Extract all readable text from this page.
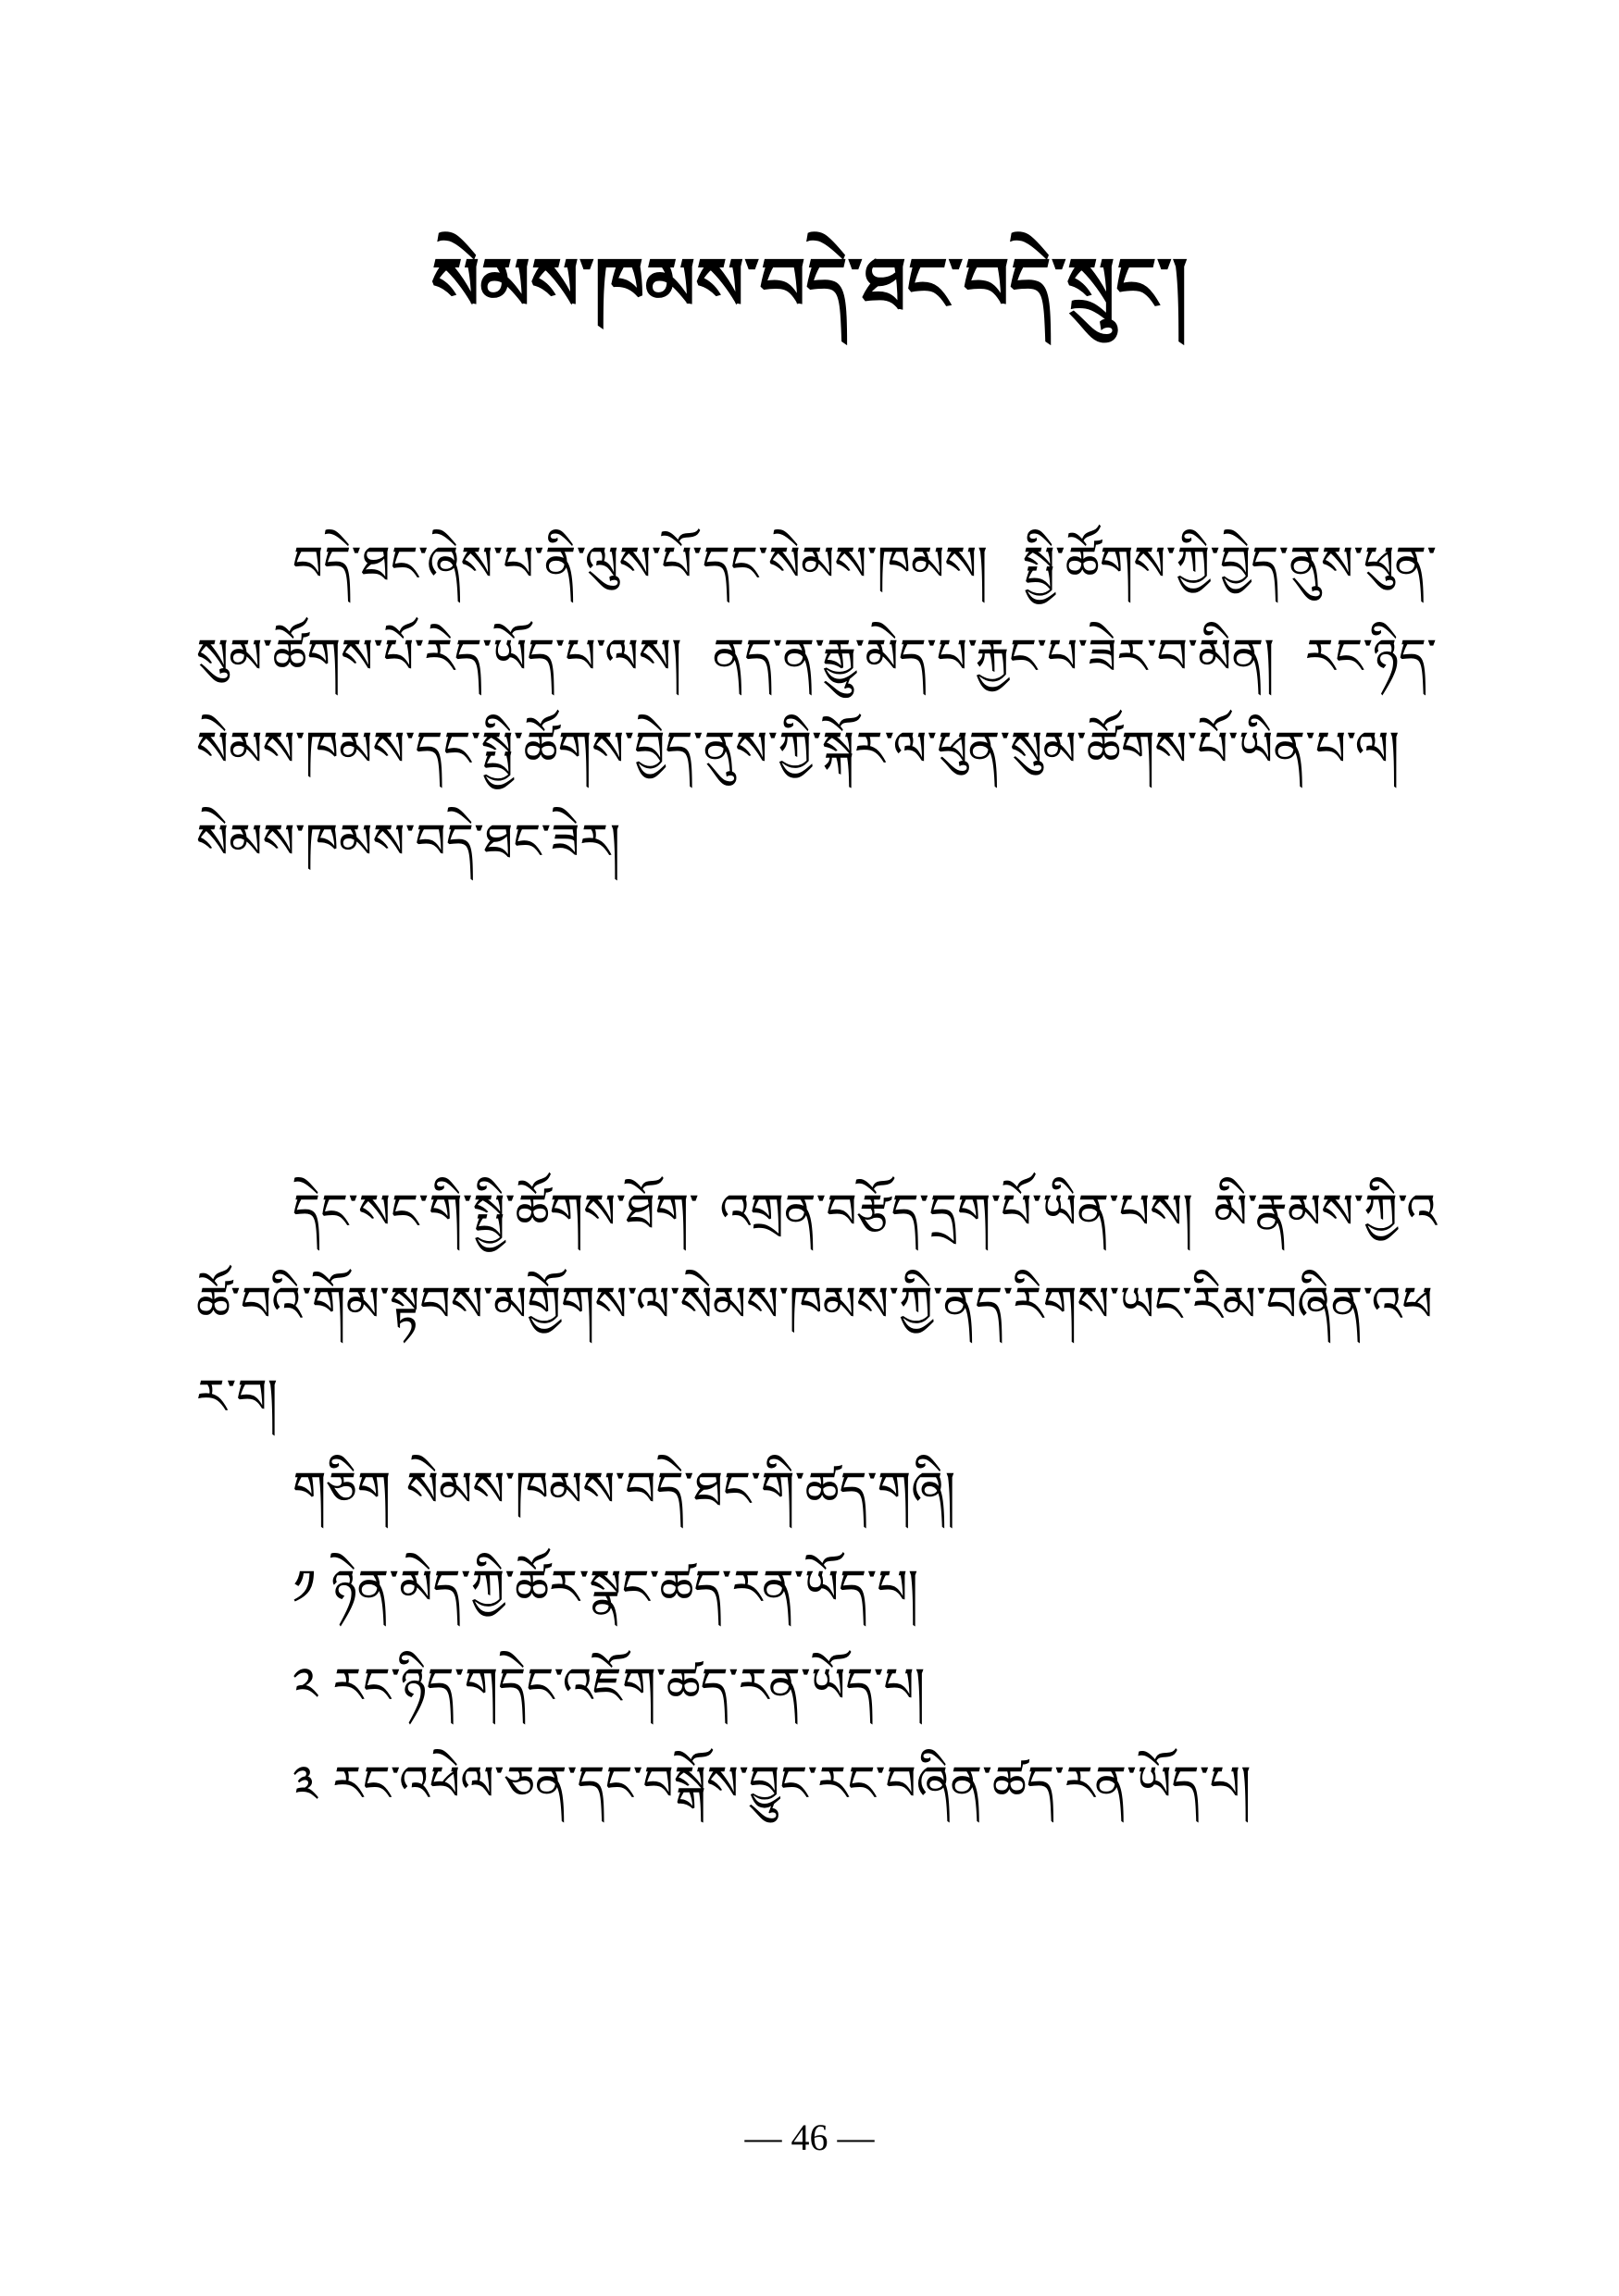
སེམས་ཁམས་བདེ་ཐང་བདེ་སྲུང་།
བདེ་ཐང་ཞེས་པ་ནི་ལུས་པོ་དང་སེམས་ཁམས། སྤྱི་ཚོགས་ཀྱི་བྱེད་ནུས་ཕུན་སུམ་ཚོགས་པོ་རེད་ཡོད་པ་ལས། ནད་ན་རྒྱུ་མེད་པ་རྐྱང་པ་ཟེར་བ་མིན། རང་ཉིད་སེམས་ཁམས་དང་སྤྱི་ཚོགས་བྱེད་ནུས་ཀྱི་སྐོར་ལ་ཕུན་སུམ་ཚོགས་པོ་ཡིན་པ་ལ། སེམས་ཁམས་བདེ་ཐང་ཟེར།
དེང་སང་གི་སྤྱི་ཚོགས་ཐོག་ འགྲན་བརྩོད་དྲག་པོ་ཡིན་པས། མི་རྣམས་ཀྱི་འཚོ་བའི་གོམ་སྟབས་མགྱོགས་ལ་སེམས་ཁམས་ཀྱི་ནད་རིགས་ཡང་རིམ་བཞིན་འཕར་བ།
གཅིག སེམས་ཁམས་བདེ་ཐང་གི་ཚད་གཞི།
༡ ཉེན་མེད་ཀྱི་ཚོར་སྣང་ཚད་རན་ཡོད་པ།
༢ རང་ཉིད་གདེང་འཇོག་ཚད་རན་ཡོད་པ།
༣ རང་འཕེལ་ཅན་དང་བསྒོས་བྱུང་རང་བཞིན་ཚད་རན་ཡོད་པ།
— 46 —
